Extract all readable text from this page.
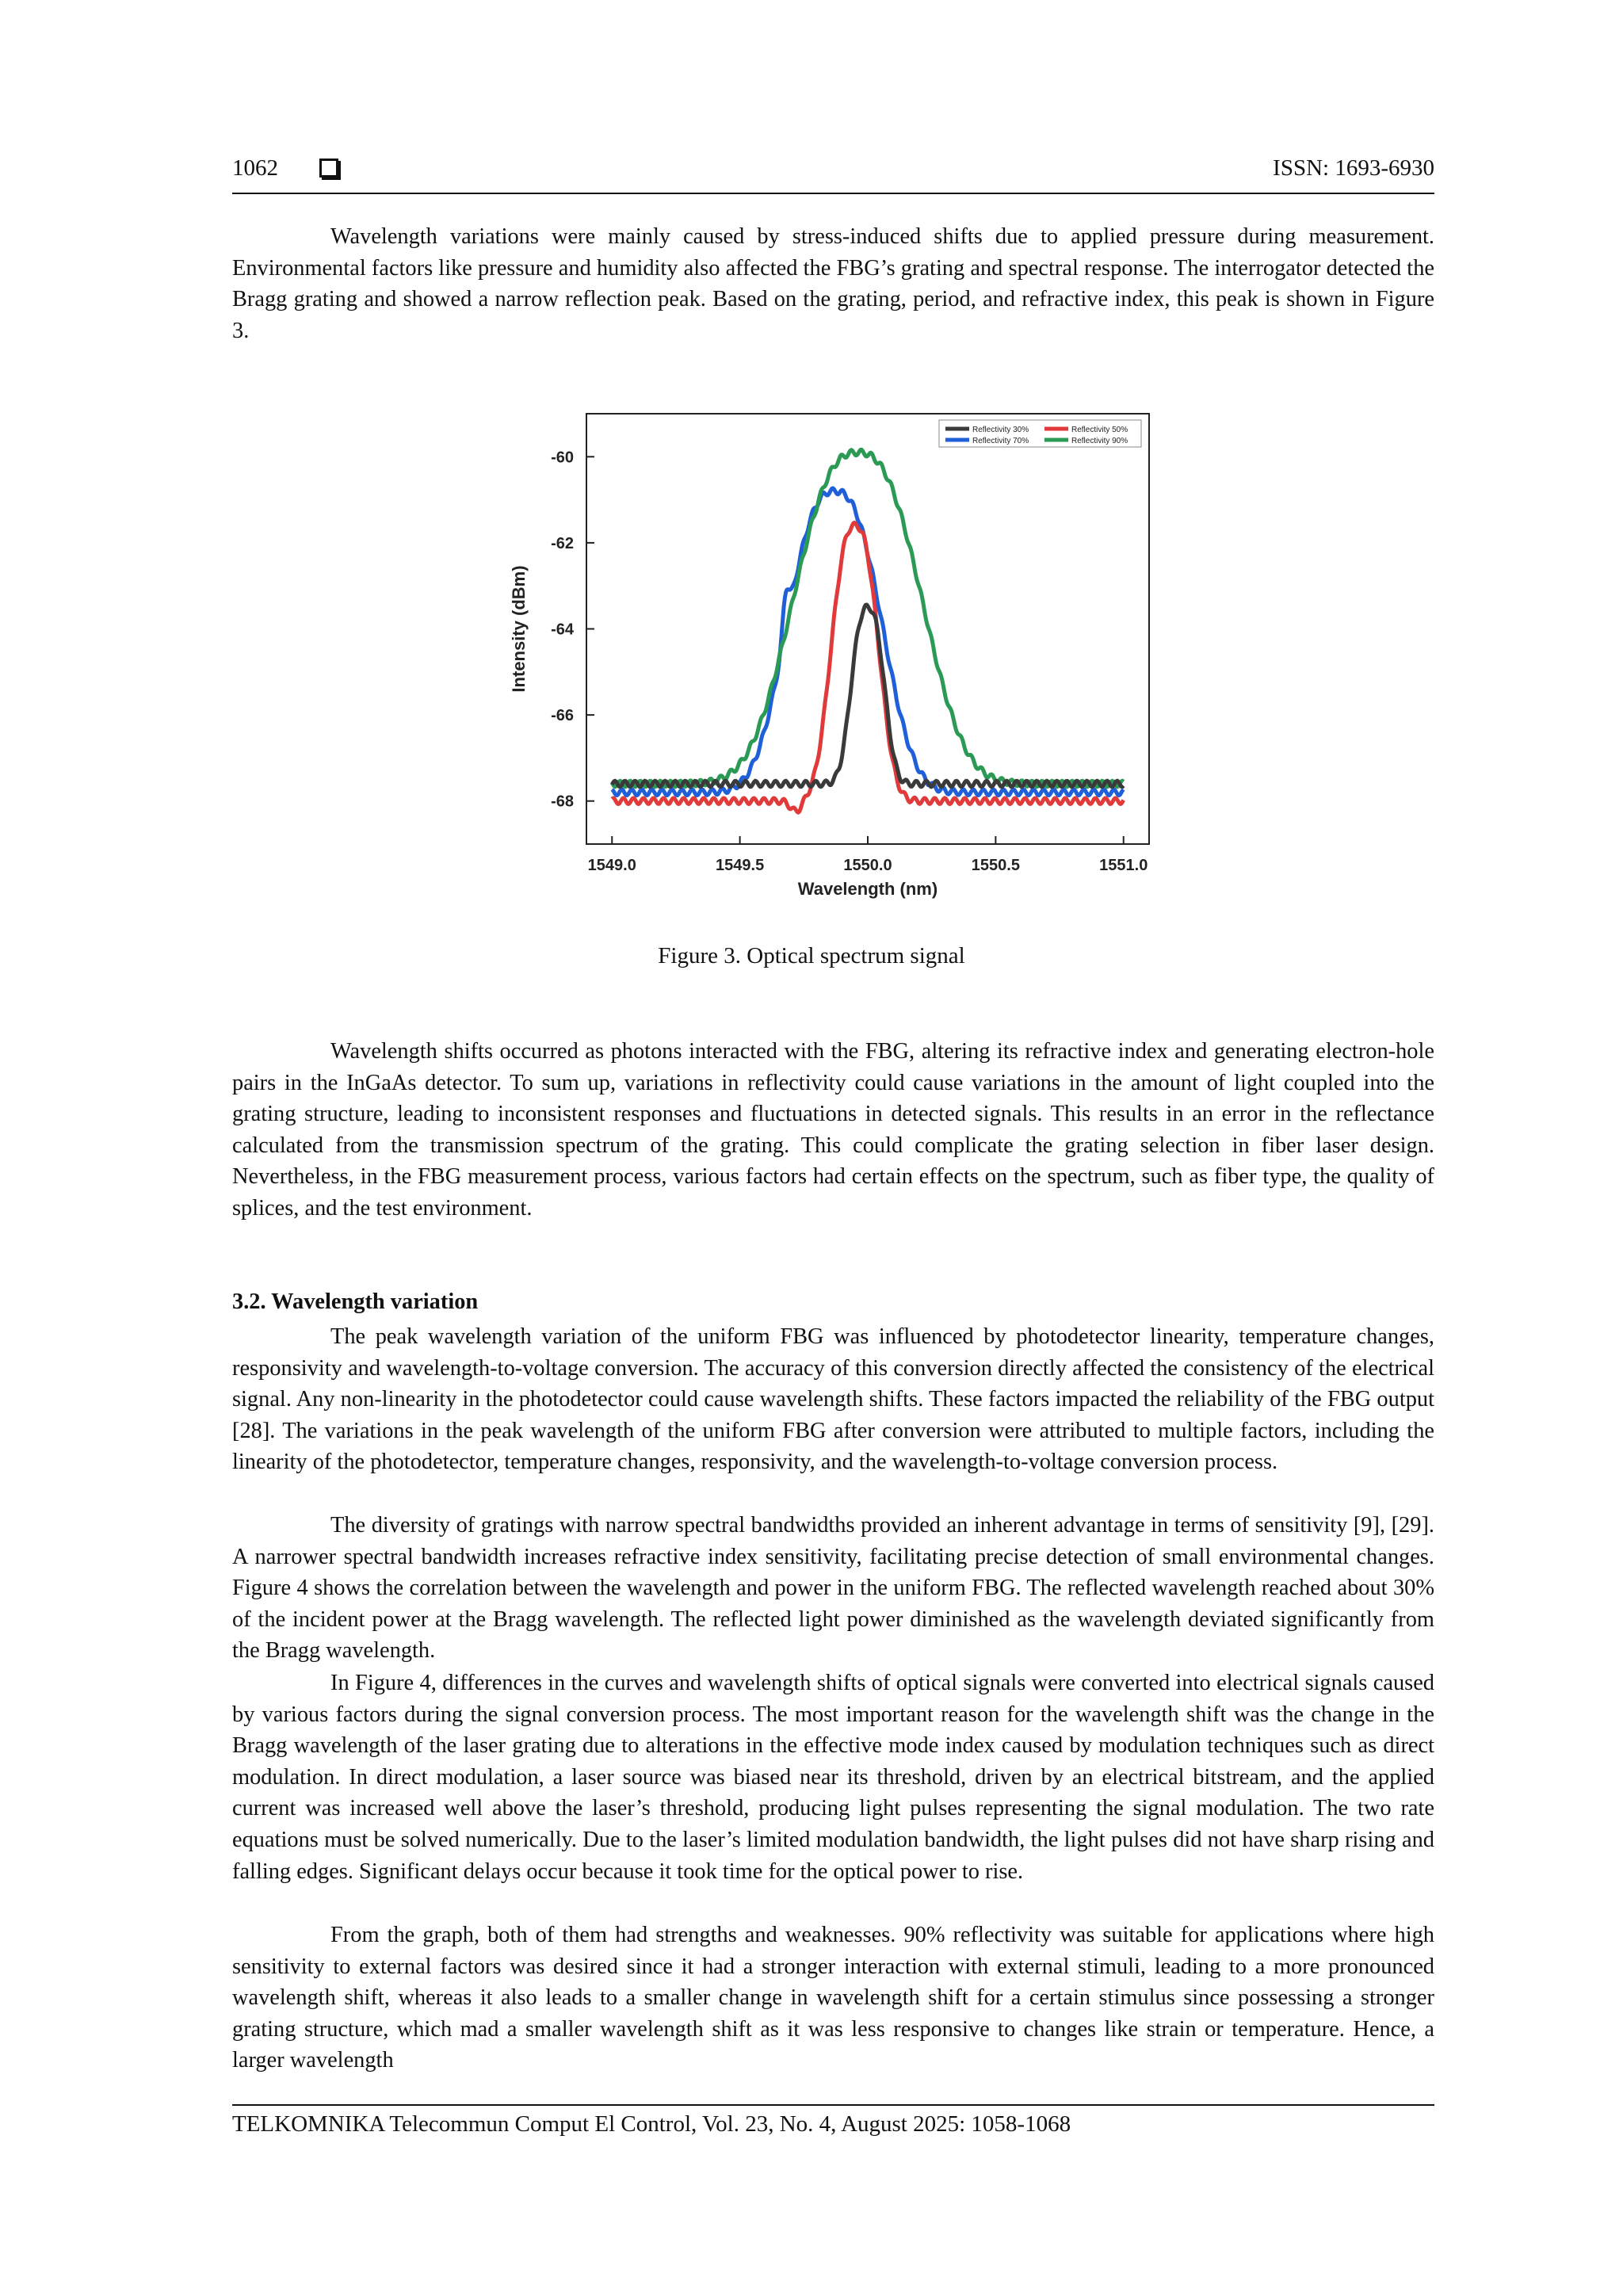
1062	ISSN: 1693-6930

Wavelength variations were mainly caused by stress-induced shifts due to applied pressure during measurement. Environmental factors like pressure and humidity also affected the FBG’s grating and spectral response. The interrogator detected the Bragg grating and showed a narrow reflection peak. Based on the grating, period, and refractive index, this peak is shown in Figure 3.

1549.0	1549.5	1550.0	1550.5	1551.0
-60
-62
-64
-66
-68
Wavelength (nm)
Intensity (dBm)
Reflectivity 30%	Reflectivity 50%
Reflectivity 70%	Reflectivity 90%
Figure 3. Optical spectrum signal

Wavelength shifts occurred as photons interacted with the FBG, altering its refractive index and generating electron-hole pairs in the InGaAs detector. To sum up, variations in reflectivity could cause variations in the amount of light coupled into the grating structure, leading to inconsistent responses and fluctuations in detected signals. This results in an error in the reflectance calculated from the transmission spectrum of the grating. This could complicate the grating selection in fiber laser design. Nevertheless, in the FBG measurement process, various factors had certain effects on the spectrum, such as fiber type, the quality of splices, and the test environment.

3.2. Wavelength variation

The peak wavelength variation of the uniform FBG was influenced by photodetector linearity, temperature changes, responsivity and wavelength-to-voltage conversion. The accuracy of this conversion directly affected the consistency of the electrical signal. Any non-linearity in the photodetector could cause wavelength shifts. These factors impacted the reliability of the FBG output [28]. The variations in the peak wavelength of the uniform FBG after conversion were attributed to multiple factors, including the linearity of the photodetector, temperature changes, responsivity, and the wavelength-to-voltage conversion process.

The diversity of gratings with narrow spectral bandwidths provided an inherent advantage in terms of sensitivity [9], [29]. A narrower spectral bandwidth increases refractive index sensitivity, facilitating precise detection of small environmental changes. Figure 4 shows the correlation between the wavelength and power in the uniform FBG. The reflected wavelength reached about 30% of the incident power at the Bragg wavelength. The reflected light power diminished as the wavelength deviated significantly from the Bragg wavelength.

In Figure 4, differences in the curves and wavelength shifts of optical signals were converted into electrical signals caused by various factors during the signal conversion process. The most important reason for the wavelength shift was the change in the Bragg wavelength of the laser grating due to alterations in the effective mode index caused by modulation techniques such as direct modulation. In direct modulation, a laser source was biased near its threshold, driven by an electrical bitstream, and the applied current was increased well above the laser’s threshold, producing light pulses representing the signal modulation. The two rate equations must be solved numerically. Due to the laser’s limited modulation bandwidth, the light pulses did not have sharp rising and falling edges. Significant delays occur because it took time for the optical power to rise.

From the graph, both of them had strengths and weaknesses. 90% reflectivity was suitable for applications where high sensitivity to external factors was desired since it had a stronger interaction with external stimuli, leading to a more pronounced wavelength shift, whereas it also leads to a smaller change in wavelength shift for a certain stimulus since possessing a stronger grating structure, which mad a smaller wavelength shift as it was less responsive to changes like strain or temperature. Hence, a larger wavelength

TELKOMNIKA Telecommun Comput El Control, Vol. 23, No. 4, August 2025: 1058-1068
